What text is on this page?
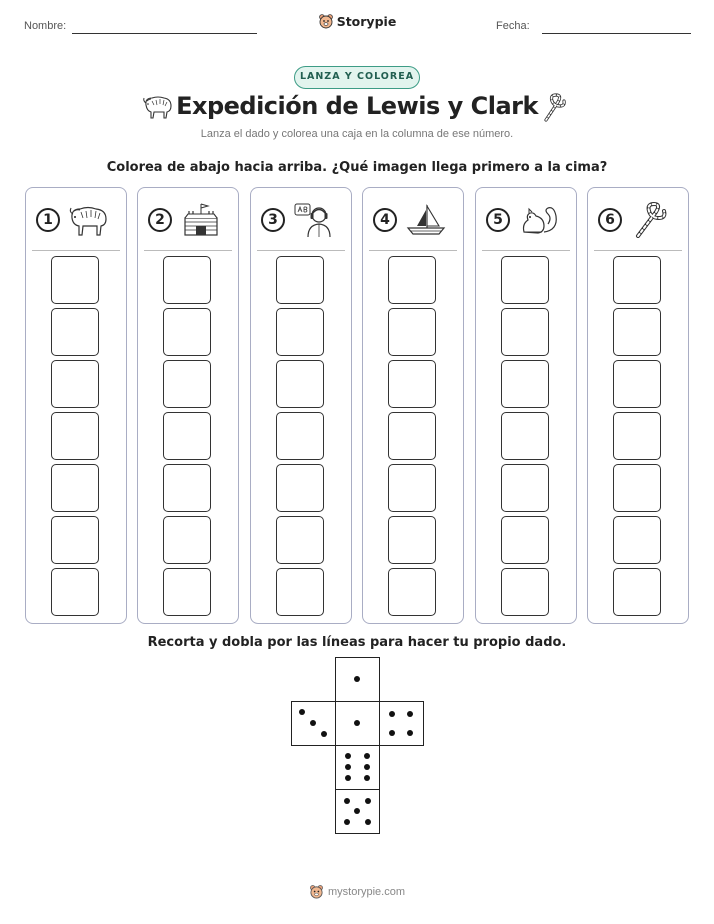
Nombre:	Storypie	Fecha:
LANZA Y COLOREA
Expedición de Lewis y Clark
Lanza el dado y colorea una caja en la columna de ese número.
Colorea de abajo hacia arriba. ¿Qué imagen llega primero a la cima?
1	2	3	4	5	6
Recorta y dobla por las líneas para hacer tu propio dado.
mystorypie.com
